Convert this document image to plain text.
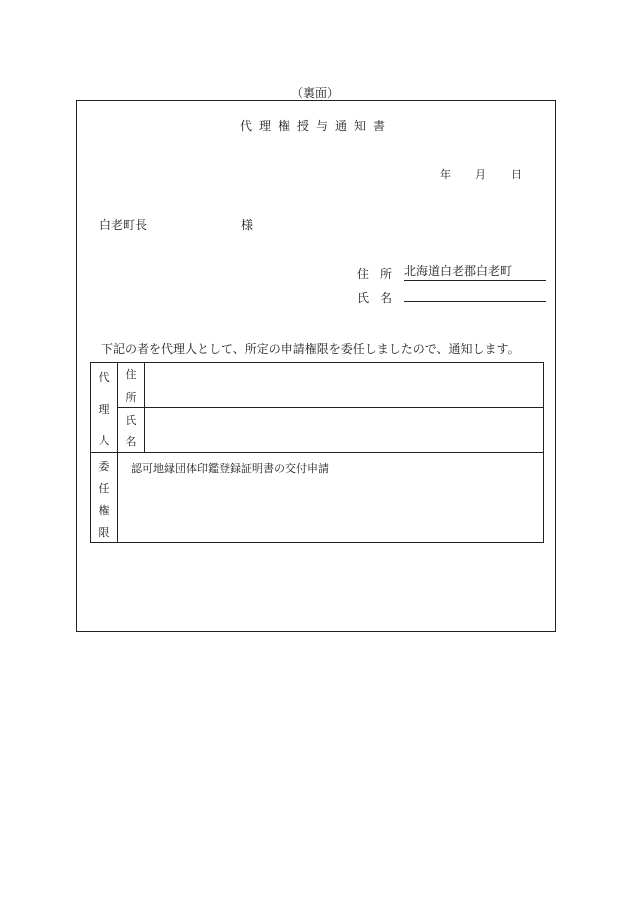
（裏面）
代理権授与通知書
年 月 日
白老町長	様
住所 北海道白老郡白老町
氏名
下記の者を代理人として、所定の申請権限を委任しましたので、通知します。
代
理
人
住
所
氏
名
委
任
権
限
認可地縁団体印鑑登録証明書の交付申請
